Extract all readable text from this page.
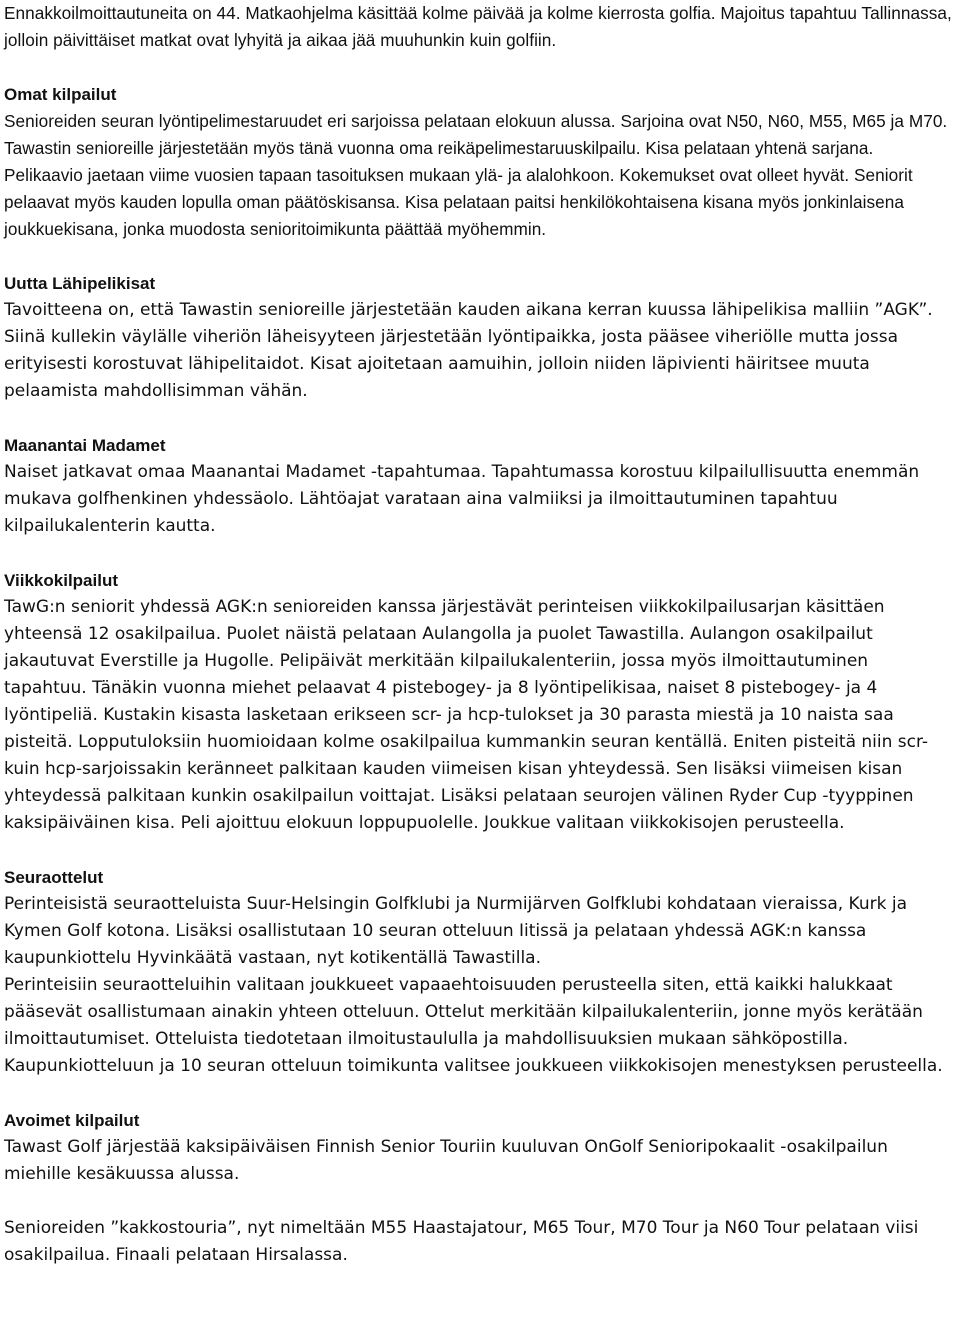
Ennakkoilmoittautuneita on 44. Matkaohjelma käsittää kolme päivää ja kolme kierrosta golfia. Majoitus tapahtuu Tallinnassa, jolloin päivittäiset matkat ovat lyhyitä ja aikaa jää muuhunkin kuin golfiin.

Omat kilpailut

Senioreiden seuran lyöntipelimestaruudet eri sarjoissa pelataan elokuun alussa. Sarjoina ovat N50, N60, M55, M65 ja M70. Tawastin senioreille järjestetään myös tänä vuonna oma reikäpelimestaruuskilpailu. Kisa pelataan yhtenä sarjana. Pelikaavio jaetaan viime vuosien tapaan tasoituksen mukaan ylä- ja alalohkoon. Kokemukset ovat olleet hyvät. Seniorit pelaavat myös kauden lopulla oman päätöskisansa. Kisa pelataan paitsi henkilökohtaisena kisana myös jonkinlaisena joukkuekisana, jonka muodosta senioritoimikunta päättää myöhemmin.

Uutta Lähipelikisat

Tavoitteena on, että Tawastin senioreille järjestetään kauden aikana kerran kuussa lähipelikisa malliin ”AGK”. Siinä kullekin väylälle viheriön läheisyyteen järjestetään lyöntipaikka, josta pääsee viheriölle mutta jossa erityisesti korostuvat lähipelitaidot. Kisat ajoitetaan aamuihin, jolloin niiden läpivienti häiritsee muuta pelaamista mahdollisimman vähän.

Maanantai Madamet

Naiset jatkavat omaa Maanantai Madamet -tapahtumaa. Tapahtumassa korostuu kilpailullisuutta enemmän mukava golfhenkinen yhdessäolo. Lähtöajat varataan aina valmiiksi ja ilmoittautuminen tapahtuu kilpailukalenterin kautta.

Viikkokilpailut

TawG:n seniorit yhdessä AGK:n senioreiden kanssa järjestävät perinteisen viikkokilpailusarjan käsittäen yhteensä 12 osakilpailua. Puolet näistä pelataan Aulangolla ja puolet Tawastilla. Aulangon osakilpailut jakautuvat Everstille ja Hugolle. Pelipäivät merkitään kilpailukalenteriin, jossa myös ilmoittautuminen tapahtuu. Tänäkin vuonna miehet pelaavat 4 pistebogey- ja 8 lyöntipelikisaa, naiset 8 pistebogey- ja 4 lyöntipeliä. Kustakin kisasta lasketaan erikseen scr- ja hcp-tulokset ja 30 parasta miestä ja 10 naista saa pisteitä. Lopputuloksiin huomioidaan kolme osakilpailua kummankin seuran kentällä. Eniten pisteitä niin scr- kuin hcp-sarjoissakin keränneet palkitaan kauden viimeisen kisan yhteydessä. Sen lisäksi viimeisen kisan yhteydessä palkitaan kunkin osakilpailun voittajat. Lisäksi pelataan seurojen välinen Ryder Cup -tyyppinen kaksipäiväinen kisa. Peli ajoittuu elokuun loppupuolelle. Joukkue valitaan viikkokisojen perusteella.

Seuraottelut

Perinteisistä seuraotteluista Suur-Helsingin Golfklubi ja Nurmijärven Golfklubi kohdataan vieraissa, Kurk ja Kymen Golf kotona. Lisäksi osallistutaan 10 seuran otteluun Iitissä ja pelataan yhdessä AGK:n kanssa kaupunkiottelu Hyvinkäätä vastaan, nyt kotikentällä Tawastilla.

Perinteisiin seuraotteluihin valitaan joukkueet vapaaehtoisuuden perusteella siten, että kaikki halukkaat pääsevät osallistumaan ainakin yhteen otteluun. Ottelut merkitään kilpailukalenteriin, jonne myös kerätään ilmoittautumiset. Otteluista tiedotetaan ilmoitustaululla ja mahdollisuuksien mukaan sähköpostilla. Kaupunkiotteluun ja 10 seuran otteluun toimikunta valitsee joukkueen viikkokisojen menestyksen perusteella.

Avoimet kilpailut

Tawast Golf järjestää kaksipäiväisen Finnish Senior Touriin kuuluvan OnGolf Senioripokaalit -osakilpailun miehille kesäkuussa alussa.

Senioreiden ”kakkostouria”, nyt nimeltään M55 Haastajatour, M65 Tour, M70 Tour ja N60 Tour pelataan viisi osakilpailua. Finaali pelataan Hirsalassa.
